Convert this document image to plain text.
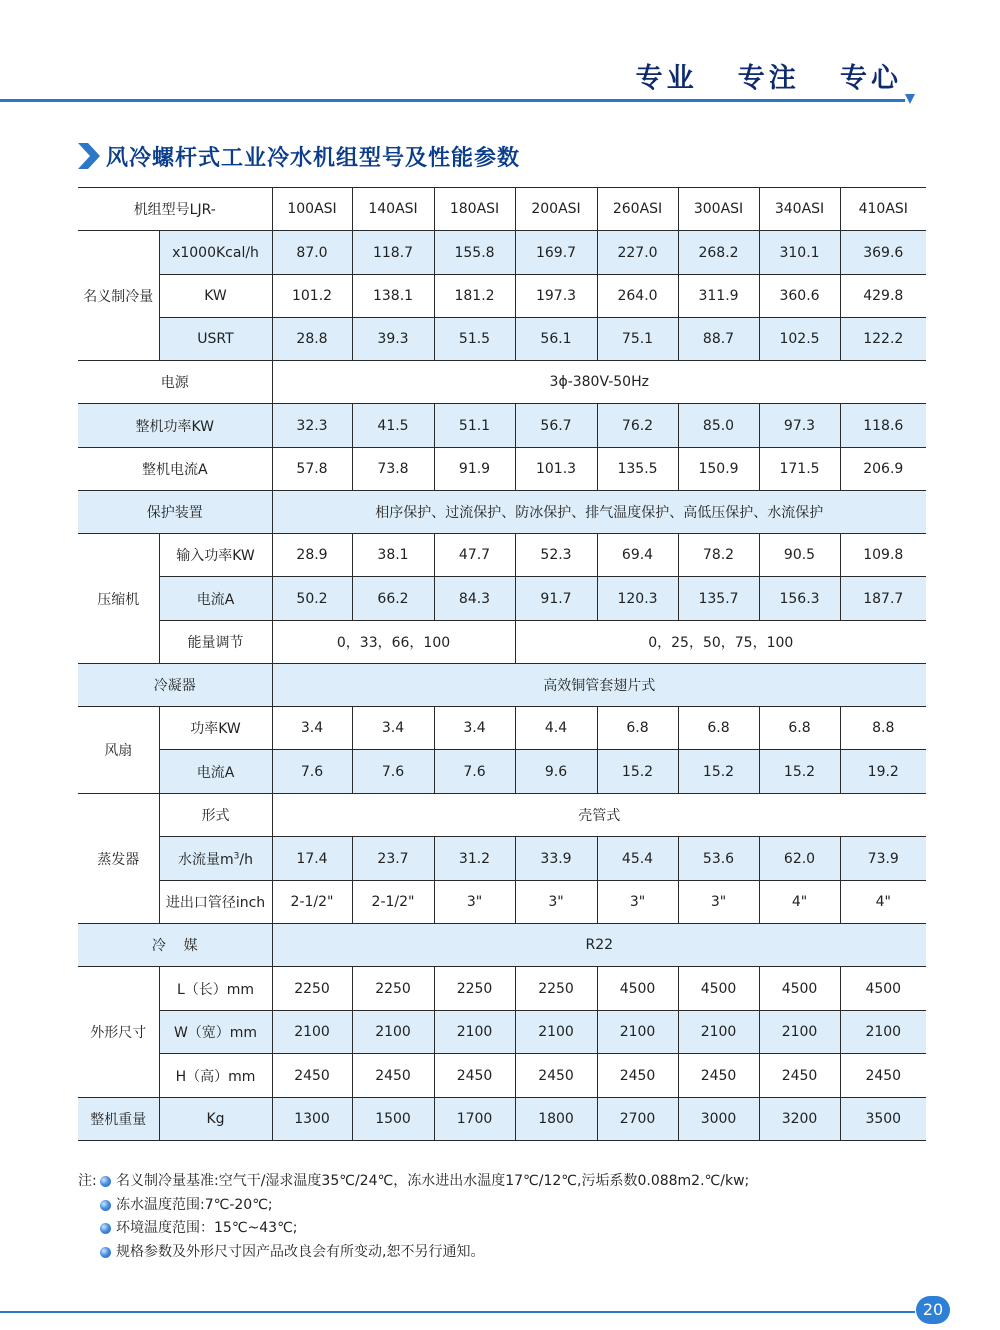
专业   专注   专心
风冷螺杆式工业冷水机组型号及性能参数
机组型号LJR-		100ASI	140ASI	180ASI	200ASI	260ASI	300ASI	340ASI	410ASI
名义制冷量	x1000Kcal/h	87.0	118.7	155.8	169.7	227.0	268.2	310.1	369.6
	KW	101.2	138.1	181.2	197.3	264.0	311.9	360.6	429.8
	USRT	28.8	39.3	51.5	56.1	75.1	88.7	102.5	122.2
电源		3ϕ-380V-50Hz							
整机功率KW		32.3	41.5	51.1	56.7	76.2	85.0	97.3	118.6
整机电流A		57.8	73.8	91.9	101.3	135.5	150.9	171.5	206.9
保护装置		相序保护、过流保护、防冰保护、排气温度保护、高低压保护、水流保护							
压缩机	输入功率KW	28.9	38.1	47.7	52.3	69.4	78.2	90.5	109.8
	电流A	50.2	66.2	84.3	91.7	120.3	135.7	156.3	187.7
	能量调节	0，33，66，100			0，25，50，75，100				
冷凝器		高效铜管套翅片式							
风扇	功率KW	3.4	3.4	3.4	4.4	6.8	6.8	6.8	8.8
	电流A	7.6	7.6	7.6	9.6	15.2	15.2	15.2	19.2
蒸发器	形式	壳管式							
	水流量$m^3/h$	17.4	23.7	31.2	33.9	45.4	53.6	62.0	73.9
	进出口管径inch	2-1/2"	2-1/2"	3"	3"	3"	3"	4"	4"
冷    媒		R22							
外形尺寸	L（长）mm	2250	2250	2250	2250	4500	4500	4500	4500
	W（宽）mm	2100	2100	2100	2100	2100	2100	2100	2100
	H（高）mm	2450	2450	2450	2450	2450	2450	2450	2450
整机重量	Kg	1300	1500	1700	1800	2700	3000	3200	3500
注: 名义制冷量基准:空气干/湿求温度35℃/24℃，冻水进出水温度17℃/12℃,污垢系数0.088m2.℃/kw;
冻水温度范围:7℃-20℃;
环境温度范围：15℃~43℃;
规格参数及外形尺寸因产品改良会有所变动,恕不另行通知。
20
